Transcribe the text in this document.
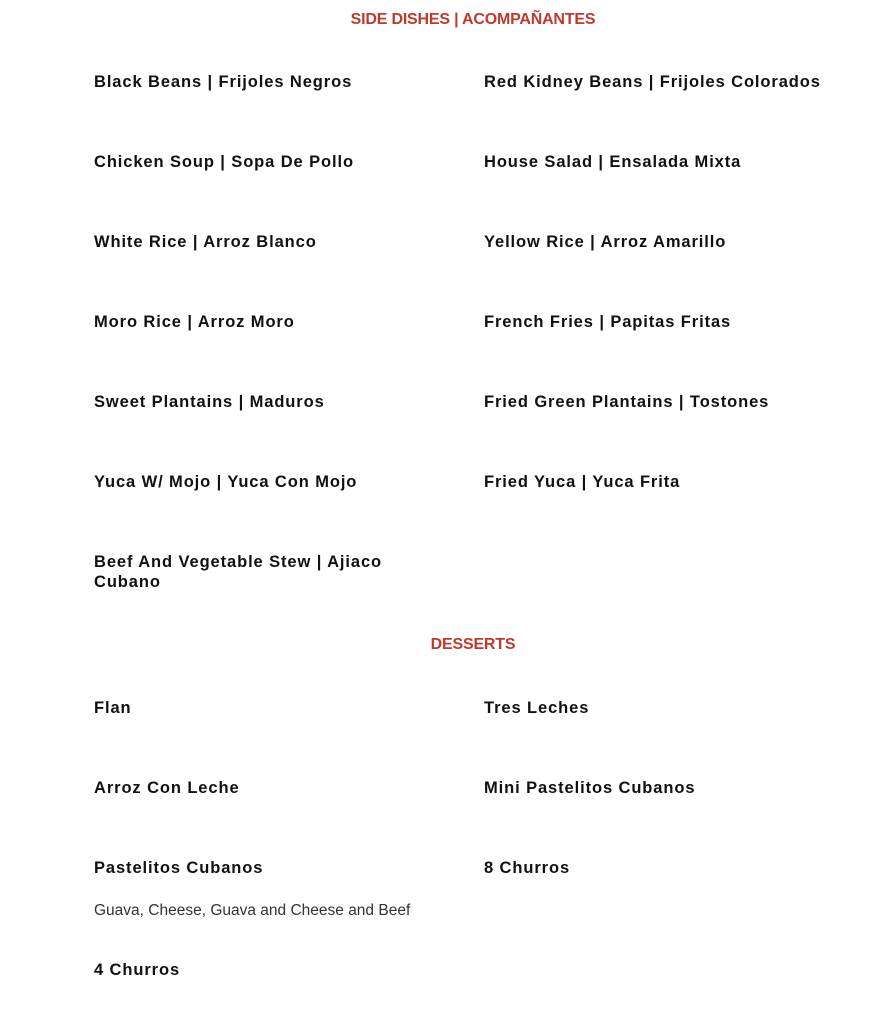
SIDE DISHES | ACOMPAÑANTES

Black Beans | Frijoles Negros	Red Kidney Beans | Frijoles Colorados

Chicken Soup | Sopa De Pollo	House Salad | Ensalada Mixta

White Rice | Arroz Blanco	Yellow Rice | Arroz Amarillo

Moro Rice | Arroz Moro	French Fries | Papitas Fritas

Sweet Plantains | Maduros	Fried Green Plantains | Tostones

Yuca W/ Mojo | Yuca Con Mojo	Fried Yuca | Yuca Frita

Beef And Vegetable Stew | Ajiaco Cubano

DESSERTS

Flan	Tres Leches

Arroz Con Leche	Mini Pastelitos Cubanos

Pastelitos Cubanos	8 Churros

Guava, Cheese, Guava and Cheese and Beef

4 Churros
